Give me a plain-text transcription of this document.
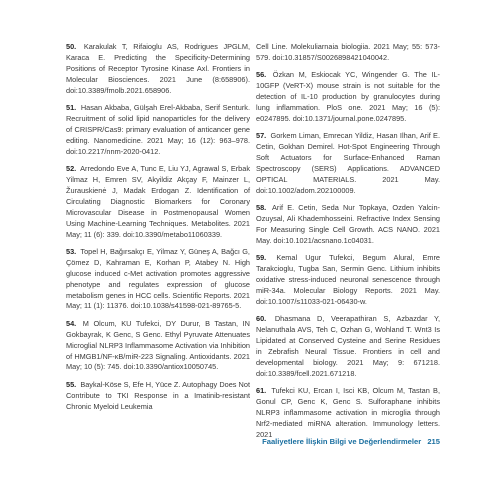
50. Karakulak T, Rifaioglu AS, Rodrigues JPGLM, Karaca E. Predicting the Specificity-Determining Positions of Receptor Tyrosine Kinase Axl. Frontiers in Molecular Biosciences. 2021 June (8:658906). doi:10.3389/fmolb.2021.658906.

51. Hasan Akbaba, Gülşah Erel-Akbaba, Serif Senturk. Recruitment of solid lipid nanoparticles for the delivery of CRISPR/Cas9: primary evaluation of anticancer gene editing. Nanomedicine. 2021 May; 16 (12): 963–978. doi:10.2217/nnm-2020-0412.

52. Arredondo Eve A, Tunc E, Liu YJ, Agrawal S, Erbak Yilmaz H, Emren SV, Akyildiz Akçay F, Mainzer L, Žurauskienė J, Madak Erdogan Z. Identification of Circulating Diagnostic Biomarkers for Coronary Microvascular Disease in Postmenopausal Women Using Machine-Learning Techniques. Metabolites. 2021 May; 11 (6): 339. doi:10.3390/metabo11060339.

53. Topel H, Bağırsakçı E, Yilmaz Y, Güneş A, Bağcı G, Çömez D, Kahraman E, Korhan P, Atabey N. High glucose induced c-Met activation promotes aggressive phenotype and regulates expression of glucose metabolism genes in HCC cells. Scientific Reports. 2021 May; 11 (1): 11376. doi:10.1038/s41598-021-89765-5.

54. M Olcum, KU Tufekci, DY Durur, B Tastan, IN Gokbayrak, K Genc, S Genc. Ethyl Pyruvate Attenuates Microglial NLRP3 Inflammasome Activation via Inhibition of HMGB1/NF-κB/miR-223 Signaling. Antioxidants. 2021 May; 10 (5): 745. doi:10.3390/antiox10050745.

55. Baykal-Köse S, Efe H, Yüce Z. Autophagy Does Not Contribute to TKI Response in a Imatinib-resistant Chronic Myeloid Leukemia

Cell Line. Molekuliarnaia biologiia. 2021 May; 55: 573-579. doi:10.31857/S0026898421040042.

56. Özkan M, Eskiocak YC, Wingender G. The IL-10GFP (VeRT-X) mouse strain is not suitable for the detection of IL-10 production by granulocytes during lung inflammation. PloS one. 2021 May; 16 (5): e0247895. doi:10.1371/journal.pone.0247895.

57. Gorkem Liman, Emrecan Yildiz, Hasan Ilhan, Arif E. Cetin, Gokhan Demirel. Hot-Spot Engineering Through Soft Actuators for Surface-Enhanced Raman Spectroscopy (SERS) Applications. ADVANCED OPTICAL MATERIALS. 2021 May. doi:10.1002/adom.202100009.

58. Arif E. Cetin, Seda Nur Topkaya, Ozden Yalcin-Ozuysal, Ali Khademhosseini. Refractive Index Sensing For Measuring Single Cell Growth. ACS NANO. 2021 May. doi:10.1021/acsnano.1c04031.

59. Kemal Ugur Tufekci, Begum Alural, Emre Tarakcioglu, Tugba San, Sermin Genc. Lithium inhibits oxidative stress-induced neuronal senescence through miR-34a. Molecular Biology Reports. 2021 May. doi:10.1007/s11033-021-06430-w.

60. Dhasmana D, Veerapathiran S, Azbazdar Y, Nelanuthala AVS, Teh C, Ozhan G, Wohland T. Wnt3 Is Lipidated at Conserved Cysteine and Serine Residues in Zebrafish Neural Tissue. Frontiers in cell and developmental biology. 2021 May; 9: 671218. doi:10.3389/fcell.2021.671218.

61. Tufekci KU, Ercan I, Isci KB, Olcum M, Tastan B, Gonul CP, Genc K, Genc S. Sulforaphane inhibits NLRP3 inflammasome activation in microglia through Nrf2-mediated miRNA alteration. Immunology letters. 2021

Faaliyetlere İlişkin Bilgi ve Değerlendirmeler 215
